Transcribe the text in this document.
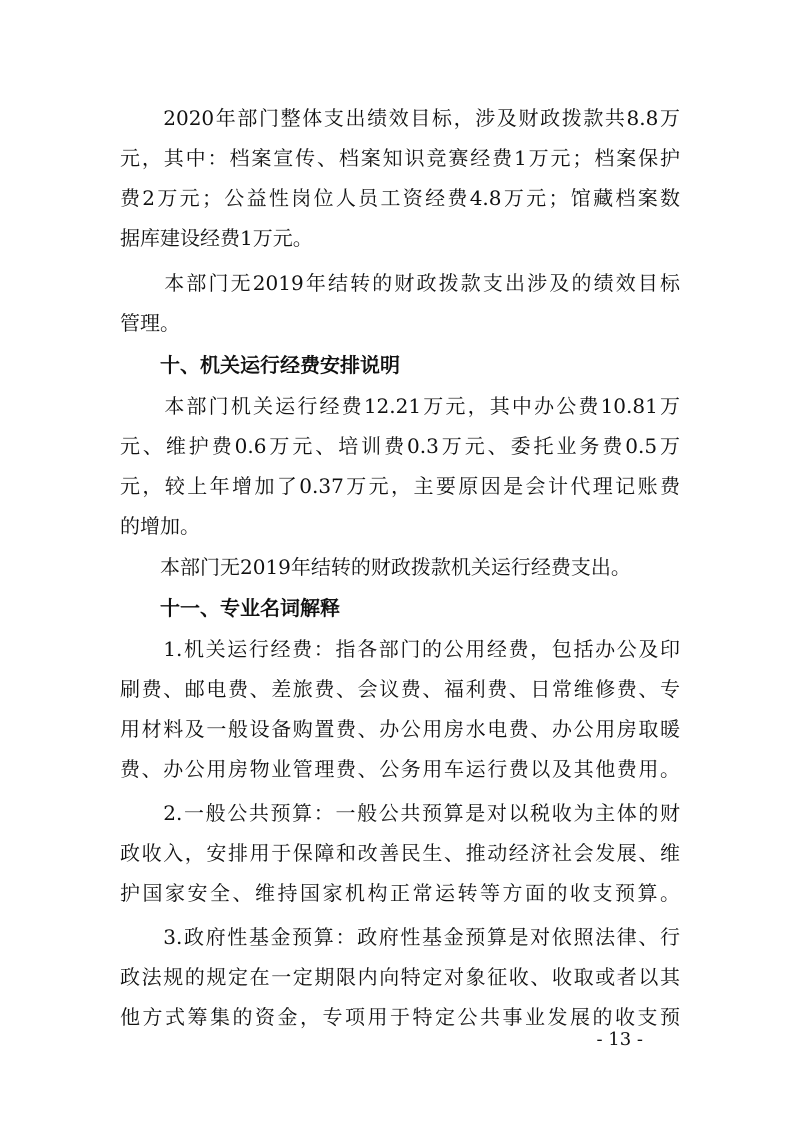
　　2020年部门整体支出绩效目标，涉及财政拨款共8.8万
元，其中：档案宣传、档案知识竞赛经费1万元；档案保护
费2万元；公益性岗位人员工资经费4.8万元；馆藏档案数
据库建设经费1万元。
　　本部门无2019年结转的财政拨款支出涉及的绩效目标
管理。
　　十、机关运行经费安排说明
　　本部门机关运行经费12.21万元，其中办公费10.81万
元、维护费0.6万元、培训费0.3万元、委托业务费0.5万
元，较上年增加了0.37万元，主要原因是会计代理记账费
的增加。
　　本部门无2019年结转的财政拨款机关运行经费支出。
　　十一、专业名词解释
　　1.机关运行经费：指各部门的公用经费，包括办公及印
刷费、邮电费、差旅费、会议费、福利费、日常维修费、专
用材料及一般设备购置费、办公用房水电费、办公用房取暖
费、办公用房物业管理费、公务用车运行费以及其他费用。
　　2.一般公共预算：一般公共预算是对以税收为主体的财
政收入，安排用于保障和改善民生、推动经济社会发展、维
护国家安全、维持国家机构正常运转等方面的收支预算。
　　3.政府性基金预算：政府性基金预算是对依照法律、行
政法规的规定在一定期限内向特定对象征收、收取或者以其
他方式筹集的资金，专项用于特定公共事业发展的收支预
- 13 -
